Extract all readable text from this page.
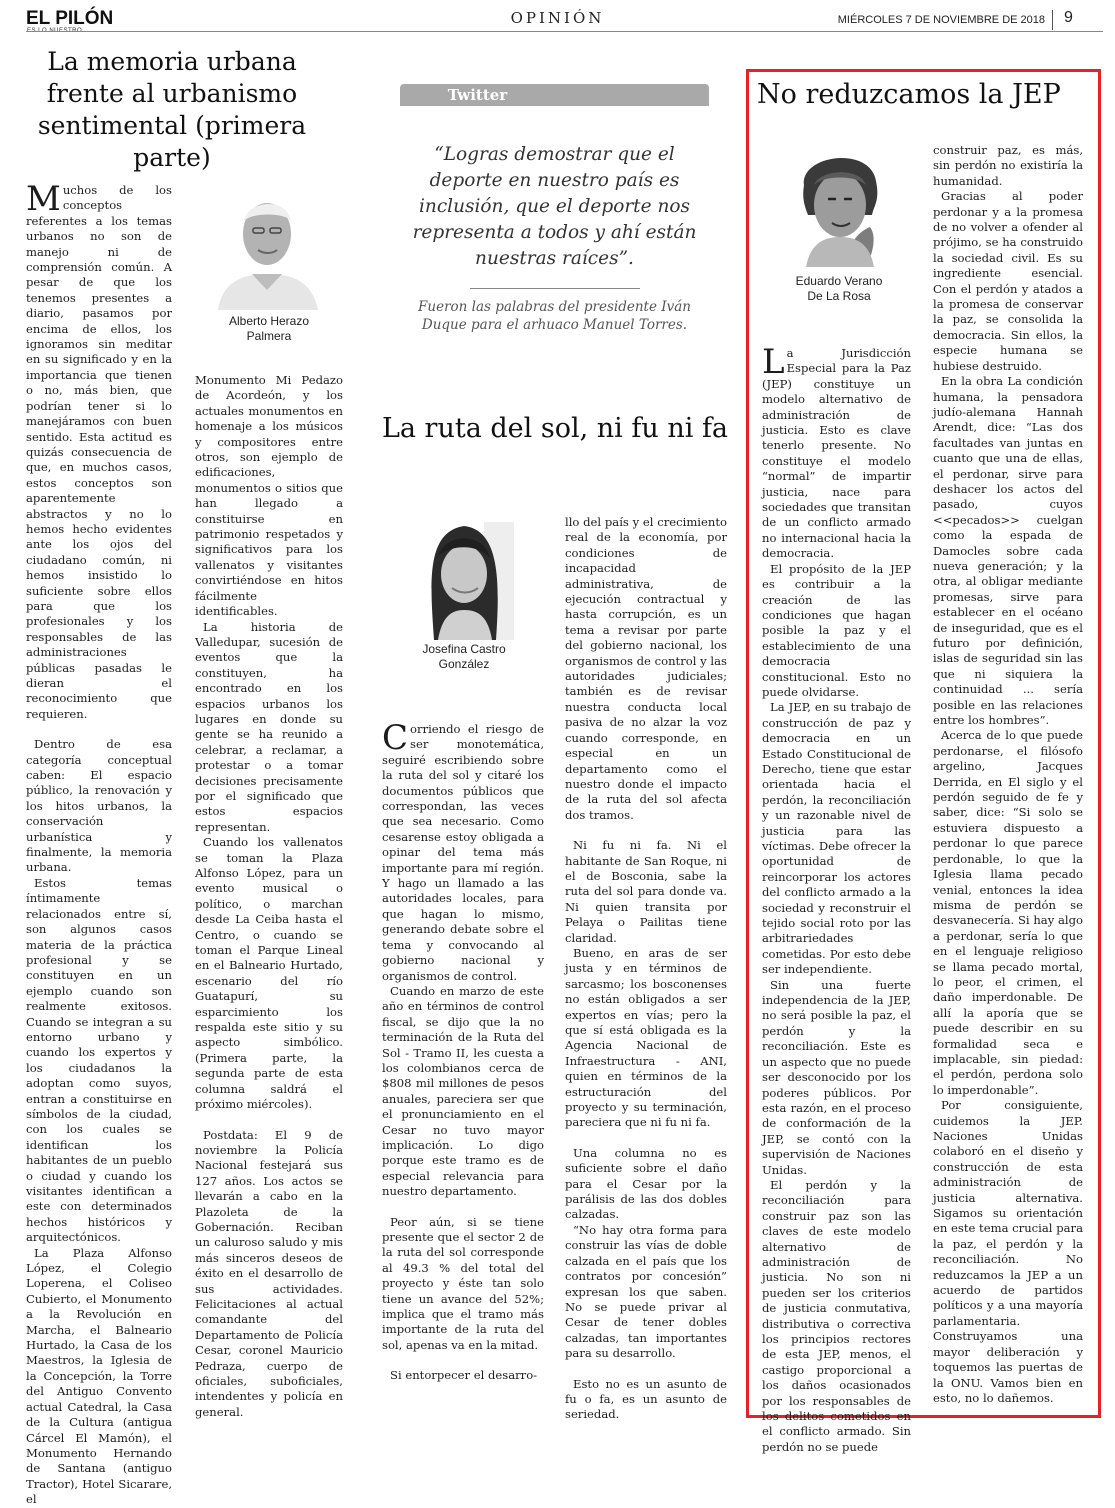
EL PILÓN	OPINIÓN	MIÉRCOLES 7 DE NOVIEMBRE DE 2018 9
La memoria urbana frente al urbanismo sentimental (primera parte)
Alberto Herazo
Palmera

Muchos de los conceptos referentes a los temas urbanos no son de manejo ni de comprensión común. A pesar de que los tenemos presentes a diario, pasamos por encima de ellos, los ignoramos sin meditar en su significado y en la importancia que tienen o no, más bien, que podrían tener si lo manejáramos con buen sentido. Esta actitud es quizás consecuencia de que, en muchos casos, estos conceptos son aparentemente abstractos y no lo hemos hecho evidentes ante los ojos del ciudadano común, ni hemos insistido lo suficiente sobre ellos para que los profesionales y los responsables de las administraciones públicas pasadas le dieran el reconocimiento que requieren.

Dentro de esa categoría conceptual caben: El espacio público, la renovación y los hitos urbanos, la conservación urbanística y finalmente, la memoria urbana.

Estos temas íntimamente relacionados entre sí, son algunos casos materia de la práctica profesional y se constituyen en un ejemplo cuando son realmente exitosos. Cuando se integran a su entorno urbano y cuando los expertos y los ciudadanos la adoptan como suyos, entran a constituirse en símbolos de la ciudad, con los cuales se identifican los habitantes de un pueblo o ciudad y cuando los visitantes identifican a este con determinados hechos históricos y arquitectónicos.

La Plaza Alfonso López, el Colegio Loperena, el Coliseo Cubierto, el Monumento a la Revolución en Marcha, el Balneario Hurtado, la Casa de los Maestros, la Iglesia de la Concepción, la Torre del Antiguo Convento actual Catedral, la Casa de la Cultura (antigua Cárcel El Mamón), el Monumento Hernando de Santana (antiguo Tractor), Hotel Sicarare, el

Monumento Mi Pedazo de Acordeón, y los actuales monumentos en homenaje a los músicos y compositores entre otros, son ejemplo de edificaciones, monumentos o sitios que han llegado a constituirse en patrimonio respetados y significativos para los vallenatos y visitantes convirtiéndose en hitos fácilmente identificables.

La historia de Valledupar, sucesión de eventos que la constituyen, ha encontrado en los espacios urbanos los lugares en donde su gente se ha reunido a celebrar, a reclamar, a protestar o a tomar decisiones precisamente por el significado que estos espacios representan.

Cuando los vallenatos se toman la Plaza Alfonso López, para un evento musical o político, o marchan desde La Ceiba hasta el Centro, o cuando se toman el Parque Lineal en el Balneario Hurtado, escenario del río Guatapurí, su esparcimiento los respalda este sitio y su aspecto simbólico. (Primera parte, la segunda parte de esta columna saldrá el próximo miércoles).

Postdata: El 9 de noviembre la Policía Nacional festejará sus 127 años. Los actos se llevarán a cabo en la Plazoleta de la Gobernación. Reciban un caluroso saludo y mis más sinceros deseos de éxito en el desarrollo de sus actividades. Felicitaciones al actual comandante del Departamento de Policía Cesar, coronel Mauricio Pedraza, cuerpo de oficiales, suboficiales, intendentes y policía en general.

Twitter
“Logras demostrar que el deporte en nuestro país es inclusión, que el deporte nos representa a todos y ahí están nuestras raíces”.
Fueron las palabras del presidente Iván Duque para el arhuaco Manuel Torres.
La ruta del sol, ni fu ni fa
Josefina Castro
González

Corriendo el riesgo de ser monotemática, seguiré escribiendo sobre la ruta del sol y citaré los documentos públicos que correspondan, las veces que sea necesario. Como cesarense estoy obligada a opinar del tema más importante para mí región. Y hago un llamado a las autoridades locales, para que hagan lo mismo, generando debate sobre el tema y convocando al gobierno nacional y organismos de control.

Cuando en marzo de este año en términos de control fiscal, se dijo que la no terminación de la Ruta del Sol - Tramo II, les cuesta a los colombianos cerca de $808 mil millones de pesos anuales, pareciera ser que el pronunciamiento en el Cesar no tuvo mayor implicación. Lo digo porque este tramo es de especial relevancia para nuestro departamento.

Peor aún, si se tiene presente que el sector 2 de la ruta del sol corresponde al 49.3 % del total del proyecto y éste tan solo tiene un avance del 52%; implica que el tramo más importante de la ruta del sol, apenas va en la mitad.

Si entorpecer el desarro-

llo del país y el crecimiento real de la economía, por condiciones de incapacidad administrativa, de ejecución contractual y hasta corrupción, es un tema a revisar por parte del gobierno nacional, los organismos de control y las autoridades judiciales; también es de revisar nuestra conducta local pasiva de no alzar la voz cuando corresponde, en especial en un departamento como el nuestro donde el impacto de la ruta del sol afecta dos tramos.

Ni fu ni fa. Ni el habitante de San Roque, ni el de Bosconia, sabe la ruta del sol para donde va. Ni quien transita por Pelaya o Pailitas tiene claridad.

Bueno, en aras de ser justa y en términos de sarcasmo; los bosconenses no están obligados a ser expertos en vías; pero la que sí está obligada es la Agencia Nacional de Infraestructura - ANI, quien en términos de la estructuración del proyecto y su terminación, pareciera que ni fu ni fa.

Una columna no es suficiente sobre el daño para el Cesar por la parálisis de las dos dobles calzadas.

“No hay otra forma para construir las vías de doble calzada en el país que los contratos por concesión” expresan los que saben. No se puede privar al Cesar de tener dobles calzadas, tan importantes para su desarrollo.

Esto no es un asunto de fu o fa, es un asunto de seriedad.

No reduzcamos la JEP
Eduardo Verano
De La Rosa

La Jurisdicción Especial para la Paz (JEP) constituye un modelo alternativo de administración de justicia. Esto es clave tenerlo presente. No constituye el modelo “normal” de impartir justicia, nace para sociedades que transitan de un conflicto armado no internacional hacia la democracia.

El propósito de la JEP es contribuir a la creación de las condiciones que hagan posible la paz y el establecimiento de una democracia constitucional. Esto no puede olvidarse.

La JEP, en su trabajo de construcción de paz y democracia en un Estado Constitucional de Derecho, tiene que estar orientada hacia el perdón, la reconciliación y un razonable nivel de justicia para las víctimas. Debe ofrecer la oportunidad de reincorporar los actores del conflicto armado a la sociedad y reconstruir el tejido social roto por las arbitrariedades cometidas. Por esto debe ser independiente.

Sin una fuerte independencia de la JEP, no será posible la paz, el perdón y la reconciliación. Este es un aspecto que no puede ser desconocido por los poderes públicos. Por esta razón, en el proceso de conformación de la JEP, se contó con la supervisión de Naciones Unidas.

El perdón y la reconciliación para construir paz son las claves de este modelo alternativo de administración de justicia. No son ni pueden ser los criterios de justicia conmutativa, distributiva o correctiva los principios rectores de esta JEP, menos, el castigo proporcional a los daños ocasionados por los responsables de los delitos cometidos en el conflicto armado. Sin perdón no se puede

construir paz, es más, sin perdón no existiría la humanidad.

Gracias al poder perdonar y a la promesa de no volver a ofender al prójimo, se ha construido la sociedad civil. Es su ingrediente esencial. Con el perdón y atados a la promesa de conservar la paz, se consolida la democracia. Sin ellos, la especie humana se hubiese destruido.

En la obra La condición humana, la pensadora judío-alemana Hannah Arendt, dice: “Las dos facultades van juntas en cuanto que una de ellas, el perdonar, sirve para deshacer los actos del pasado, cuyos <<pecados>> cuelgan como la espada de Damocles sobre cada nueva generación; y la otra, al obligar mediante promesas, sirve para establecer en el océano de inseguridad, que es el futuro por definición, islas de seguridad sin las que ni siquiera la continuidad ... sería posible en las relaciones entre los hombres”.

Acerca de lo que puede perdonarse, el filósofo argelino, Jacques Derrida, en El siglo y el perdón seguido de fe y saber, dice: “Si solo se estuviera dispuesto a perdonar lo que parece perdonable, lo que la Iglesia llama pecado venial, entonces la idea misma de perdón se desvanecería. Si hay algo a perdonar, sería lo que en el lenguaje religioso se llama pecado mortal, lo peor, el crimen, el daño imperdonable. De allí la aporía que se puede describir en su formalidad seca e implacable, sin piedad: el perdón, perdona solo lo imperdonable”.

Por consiguiente, cuidemos la JEP. Naciones Unidas colaboró en el diseño y construcción de esta administración de justicia alternativa. Sigamos su orientación en este tema crucial para la paz, el perdón y la reconciliación. No reduzcamos la JEP a un acuerdo de partidos políticos y a una mayoría parlamentaria. Construyamos una mayor deliberación y toquemos las puertas de la ONU. Vamos bien en esto, no lo dañemos.
